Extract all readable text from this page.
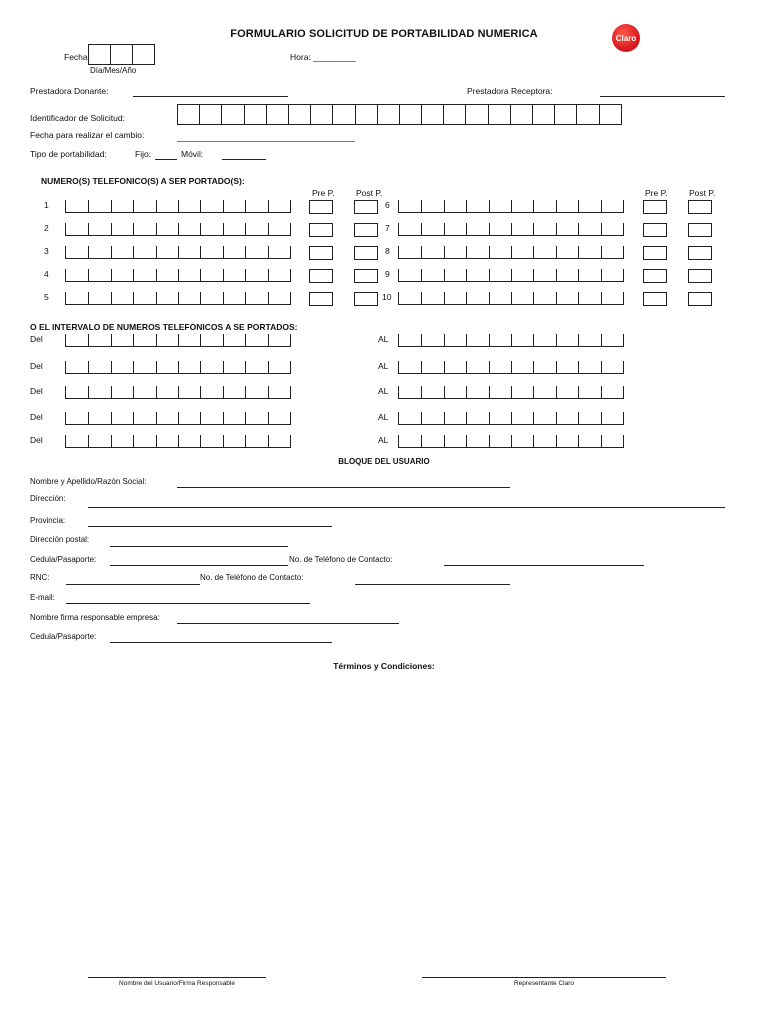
FORMULARIO SOLICITUD DE PORTABILIDAD NUMERICA	Claro
Fecha:
Día/Mes/Año
Hora: _________
Prestadora Donante:	Prestadora Receptora:
Identificador de Solicitud:
Fecha para realizar el cambio:
Tipo de portabilidad:	Fijo:	Móvil:
NUMERO(S) TELEFONICO(S) A SER PORTADO(S):
Pre P.	Post P.	Pre P.	Post P.
1	6
2	7
3	8
4	9
5	10
O EL INTERVALO DE NUMEROS TELEFONICOS A SE PORTADOS:
Del	AL
Del	AL
Del	AL
Del	AL
Del	AL
BLOQUE DEL USUARIO
Nombre y Apellido/Razón Social:
Dirección:
Provincia:
Dirección postal:
Cedula/Pasaporte:	No. de Teléfono de Contacto:
RNC:	No. de Teléfono de Contacto:
E-mail:
Nombre firma responsable empresa:
Cedula/Pasaporte:
Términos y Condiciones:
Nombre del Usuario/Firma Responsable	Representante Claro
